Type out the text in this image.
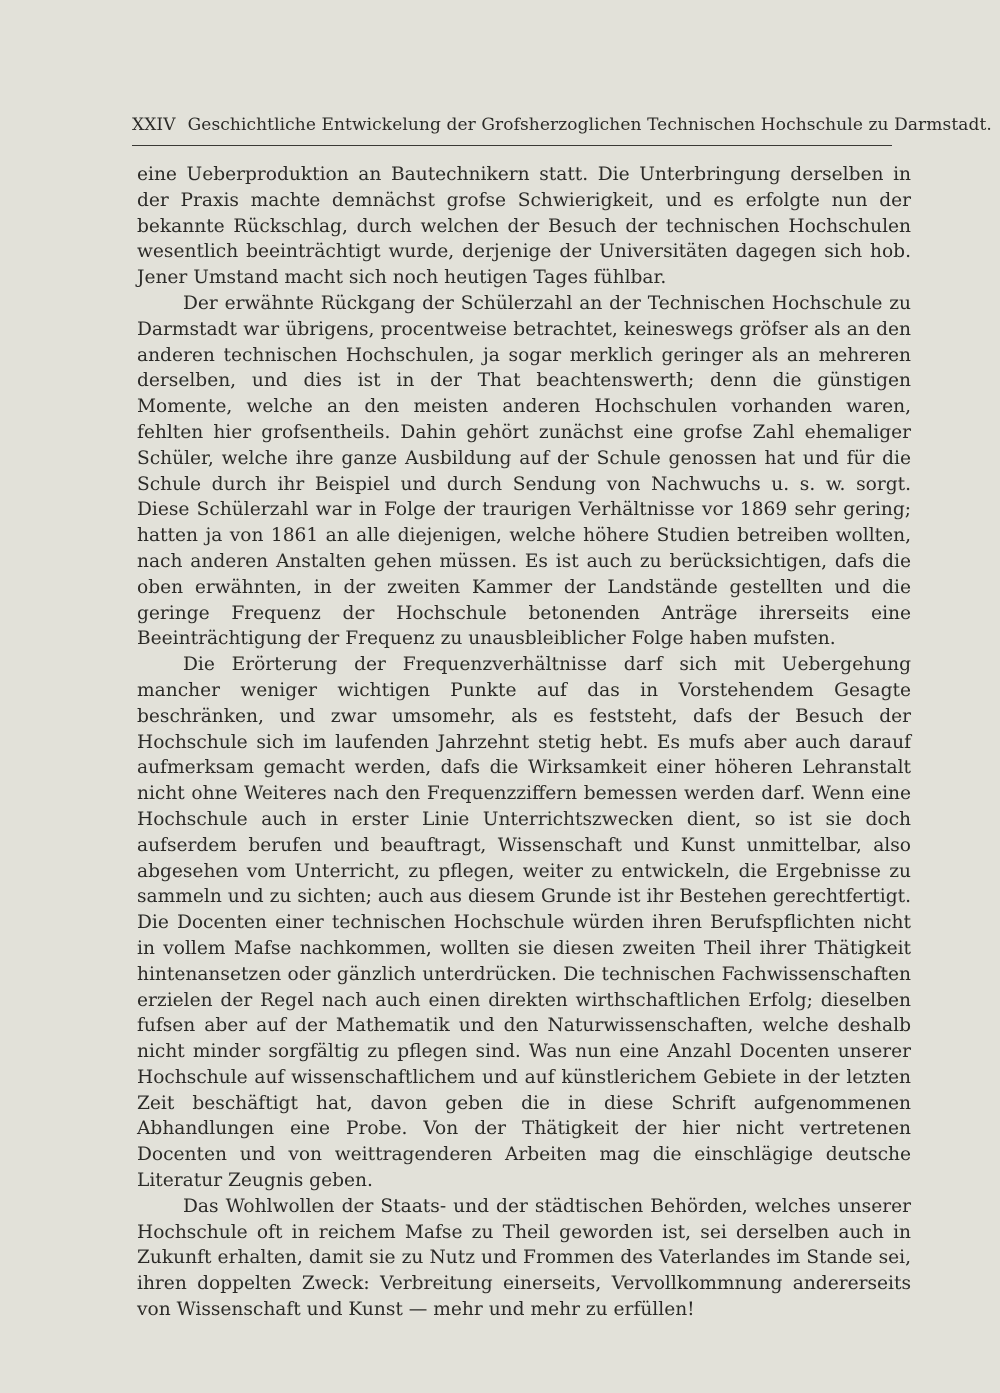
XXIV Geschichtliche Entwickelung der Grofsherzoglichen Technischen Hochschule zu Darmstadt.

eine Ueberproduktion an Bautechnikern statt. Die Unterbringung derselben in der Praxis machte demnächst grofse Schwierigkeit, und es erfolgte nun der bekannte Rückschlag, durch welchen der Besuch der technischen Hochschulen wesentlich beeinträchtigt wurde, derjenige der Universitäten dagegen sich hob. Jener Umstand macht sich noch heutigen Tages fühlbar.

Der erwähnte Rückgang der Schülerzahl an der Technischen Hochschule zu Darmstadt war übrigens, procentweise betrachtet, keineswegs gröfser als an den anderen technischen Hochschulen, ja sogar merklich geringer als an mehreren derselben, und dies ist in der That beachtenswerth; denn die günstigen Momente, welche an den meisten anderen Hochschulen vorhanden waren, fehlten hier grofsentheils. Dahin gehört zunächst eine grofse Zahl ehemaliger Schüler, welche ihre ganze Ausbildung auf der Schule genossen hat und für die Schule durch ihr Beispiel und durch Sendung von Nachwuchs u. s. w. sorgt. Diese Schülerzahl war in Folge der traurigen Verhältnisse vor 1869 sehr gering; hatten ja von 1861 an alle diejenigen, welche höhere Studien betreiben wollten, nach anderen Anstalten gehen müssen. Es ist auch zu berücksichtigen, dafs die oben erwähnten, in der zweiten Kammer der Landstände gestellten und die geringe Frequenz der Hochschule betonenden Anträge ihrerseits eine Beeinträchtigung der Frequenz zu unausbleiblicher Folge haben mufsten.

Die Erörterung der Frequenzverhältnisse darf sich mit Uebergehung mancher weniger wichtigen Punkte auf das in Vorstehendem Gesagte beschränken, und zwar umsomehr, als es feststeht, dafs der Besuch der Hochschule sich im laufenden Jahrzehnt stetig hebt. Es mufs aber auch darauf aufmerksam gemacht werden, dafs die Wirksamkeit einer höheren Lehranstalt nicht ohne Weiteres nach den Frequenzziffern bemessen werden darf. Wenn eine Hochschule auch in erster Linie Unterrichtszwecken dient, so ist sie doch aufserdem berufen und beauftragt, Wissenschaft und Kunst unmittelbar, also abgesehen vom Unterricht, zu pflegen, weiter zu entwickeln, die Ergebnisse zu sammeln und zu sichten; auch aus diesem Grunde ist ihr Bestehen gerechtfertigt. Die Docenten einer technischen Hochschule würden ihren Berufspflichten nicht in vollem Mafse nachkommen, wollten sie diesen zweiten Theil ihrer Thätigkeit hintenansetzen oder gänzlich unterdrücken. Die technischen Fachwissenschaften erzielen der Regel nach auch einen direkten wirthschaftlichen Erfolg; dieselben fufsen aber auf der Mathematik und den Naturwissenschaften, welche deshalb nicht minder sorgfältig zu pflegen sind. Was nun eine Anzahl Docenten unserer Hochschule auf wissenschaftlichem und auf künstlerichem Gebiete in der letzten Zeit beschäftigt hat, davon geben die in diese Schrift aufgenommenen Abhandlungen eine Probe. Von der Thätigkeit der hier nicht vertretenen Docenten und von weittragenderen Arbeiten mag die einschlägige deutsche Literatur Zeugnis geben.

Das Wohlwollen der Staats- und der städtischen Behörden, welches unserer Hochschule oft in reichem Mafse zu Theil geworden ist, sei derselben auch in Zukunft erhalten, damit sie zu Nutz und Frommen des Vaterlandes im Stande sei, ihren doppelten Zweck: Verbreitung einerseits, Vervollkommnung andererseits von Wissenschaft und Kunst — mehr und mehr zu erfüllen!
